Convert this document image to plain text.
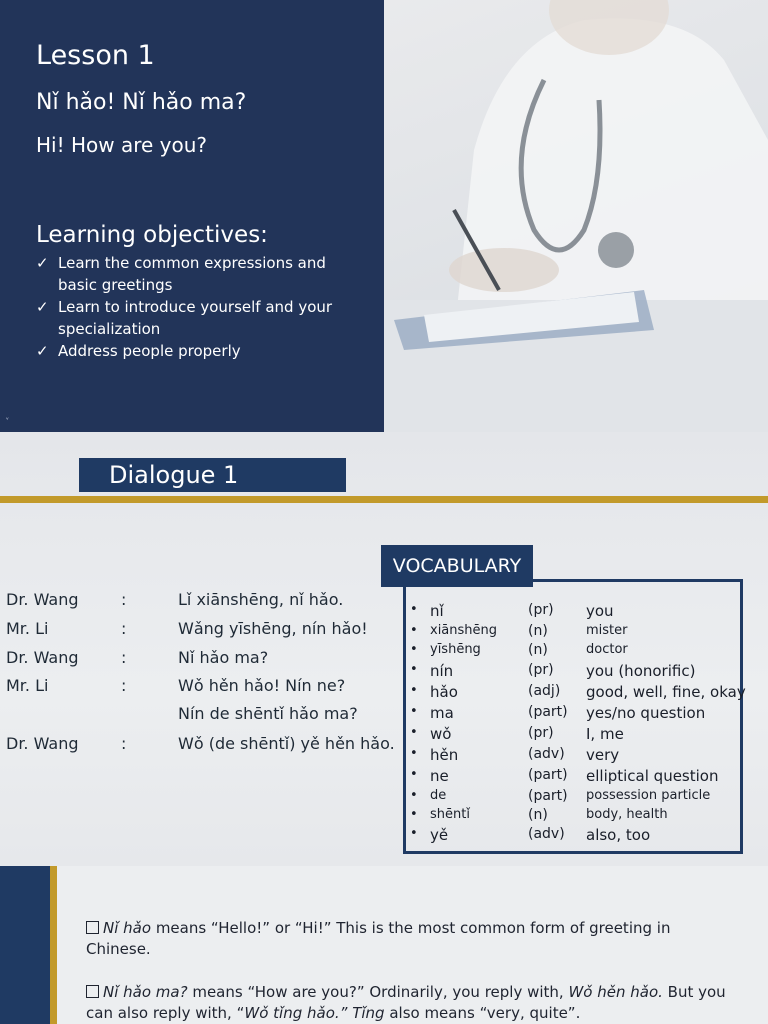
Lesson 1
Nǐ hǎo! Nǐ hǎo ma?
Hi! How are you?
Learning objectives:
✓ Learn the common expressions and basic greetings
✓ Learn to introduce yourself and your specialization
✓ Address people properly
ᵛ
Dialogue 1
Dr. Wang	:	Lǐ xiānshēng, nǐ hǎo.
Mr. Li	:	Wǎng yīshēng, nín hǎo!
Dr. Wang	:	Nǐ hǎo ma?
Mr. Li	:	Wǒ hěn hǎo! Nín ne?
Nín de shēntǐ hǎo ma?
Dr. Wang	:	Wǒ (de shēntǐ) yě hěn hǎo.
• nǐ	(pr) you
• xiānshēng (n)	mister
• yīshēng	(n)	doctor
• nín	(pr) you (honorific)
• hǎo	(adj) good, well, fine, okay
• ma	(part) yes/no question
• wǒ	(pr) I, me
• hěn	(adv) very
• ne	(part) elliptical question
• de	(part) possession particle
• shēntǐ	(n)	body, health
• yě	(adv) also, too
VOCABULARY
Nǐ hǎo means “Hello!” or “Hi!” This is the most common form of greeting in Chinese.
Nǐ hǎo ma? means “How are you?” Ordinarily, you reply with, Wǒ hěn hǎo. But you can also reply with, “Wǒ tǐng hǎo.” Tǐng also means “very, quite”.
